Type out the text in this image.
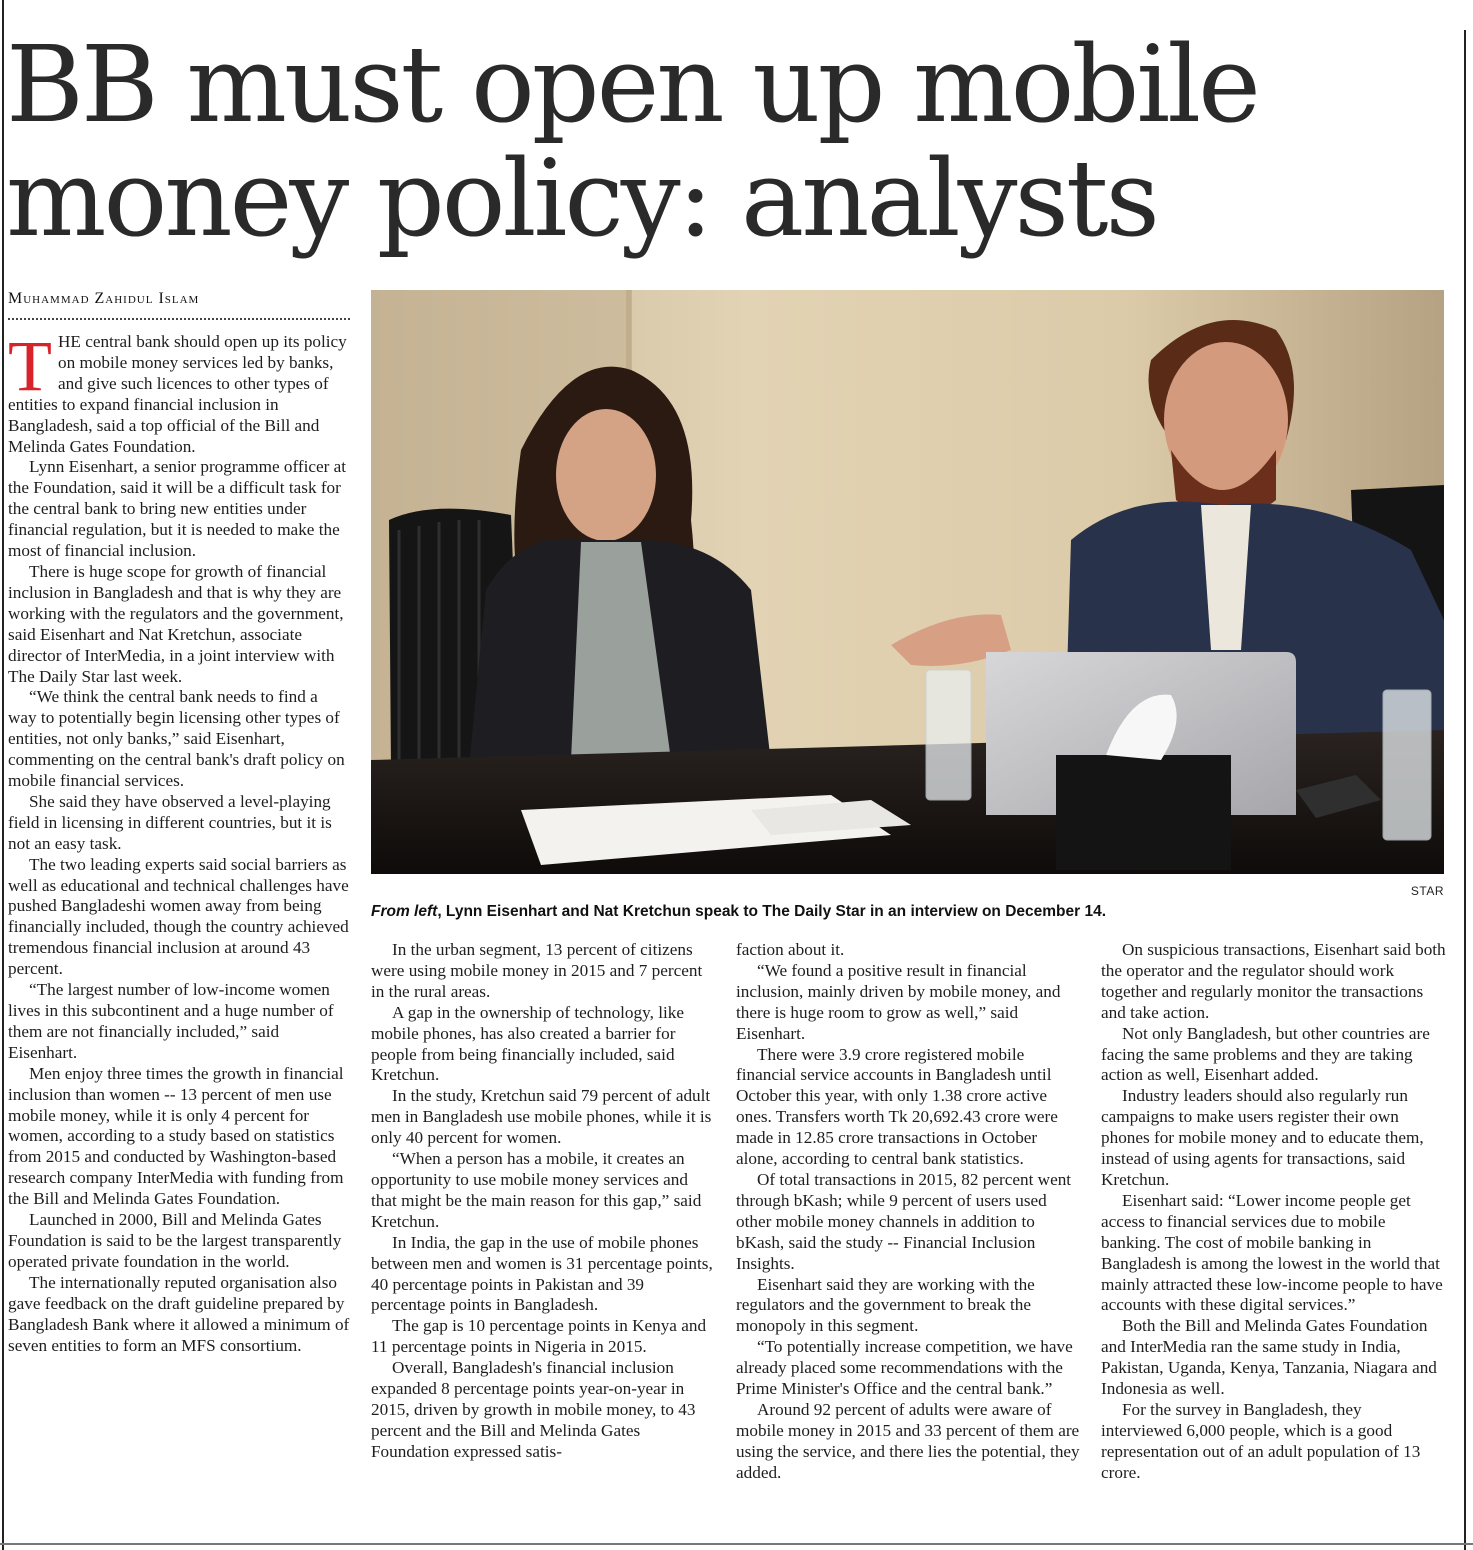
BB must open up mobile money policy: analysts
Muhammad Zahidul Islam

THE central bank should open up its policy on mobile money services led by banks, and give such licences to other types of entities to expand financial inclusion in Bangladesh, said a top official of the Bill and Melinda Gates Foundation.

Lynn Eisenhart, a senior programme officer at the Foundation, said it will be a difficult task for the central bank to bring new entities under financial regulation, but it is needed to make the most of financial inclusion.

There is huge scope for growth of financial inclusion in Bangladesh and that is why they are working with the regulators and the government, said Eisenhart and Nat Kretchun, associate director of InterMedia, in a joint interview with The Daily Star last week.

“We think the central bank needs to find a way to potentially begin licensing other types of entities, not only banks,” said Eisenhart, commenting on the central bank's draft policy on mobile financial services.

She said they have observed a level-playing field in licensing in different countries, but it is not an easy task.

The two leading experts said social barriers as well as educational and technical challenges have pushed Bangladeshi women away from being financially included, though the country achieved tremendous financial inclusion at around 43 percent.

“The largest number of low-income women lives in this subcontinent and a huge number of them are not financially included,” said Eisenhart.

Men enjoy three times the growth in financial inclusion than women -- 13 percent of men use mobile money, while it is only 4 percent for women, according to a study based on statistics from 2015 and conducted by Washington-based research company InterMedia with funding from the Bill and Melinda Gates Foundation.

Launched in 2000, Bill and Melinda Gates Foundation is said to be the largest transparently operated private foundation in the world.

The internationally reputed organisation also gave feedback on the draft guideline prepared by Bangladesh Bank where it allowed a minimum of seven entities to form an MFS consortium.

STAR
From left, Lynn Eisenhart and Nat Kretchun speak to The Daily Star in an interview on December 14.

In the urban segment, 13 percent of citizens were using mobile money in 2015 and 7 percent in the rural areas.

A gap in the ownership of technology, like mobile phones, has also created a barrier for people from being financially included, said Kretchun.

In the study, Kretchun said 79 percent of adult men in Bangladesh use mobile phones, while it is only 40 percent for women.

“When a person has a mobile, it creates an opportunity to use mobile money services and that might be the main reason for this gap,” said Kretchun.

In India, the gap in the use of mobile phones between men and women is 31 percentage points, 40 percentage points in Pakistan and 39 percentage points in Bangladesh.

The gap is 10 percentage points in Kenya and 11 percentage points in Nigeria in 2015.

Overall, Bangladesh's financial inclusion expanded 8 percentage points year-on-year in 2015, driven by growth in mobile money, to 43 percent and the Bill and Melinda Gates Foundation expressed satis-

faction about it.

“We found a positive result in financial inclusion, mainly driven by mobile money, and there is huge room to grow as well,” said Eisenhart.

There were 3.9 crore registered mobile financial service accounts in Bangladesh until October this year, with only 1.38 crore active ones. Transfers worth Tk 20,692.43 crore were made in 12.85 crore transactions in October alone, according to central bank statistics.

Of total transactions in 2015, 82 percent went through bKash; while 9 percent of users used other mobile money channels in addition to bKash, said the study -- Financial Inclusion Insights.

Eisenhart said they are working with the regulators and the government to break the monopoly in this segment.

“To potentially increase competition, we have already placed some recommendations with the Prime Minister's Office and the central bank.”

Around 92 percent of adults were aware of mobile money in 2015 and 33 percent of them are using the service, and there lies the potential, they added.

On suspicious transactions, Eisenhart said both the operator and the regulator should work together and regularly monitor the transactions and take action.

Not only Bangladesh, but other countries are facing the same problems and they are taking action as well, Eisenhart added.

Industry leaders should also regularly run campaigns to make users register their own phones for mobile money and to educate them, instead of using agents for transactions, said Kretchun.

Eisenhart said: “Lower income people get access to financial services due to mobile banking. The cost of mobile banking in Bangladesh is among the lowest in the world that mainly attracted these low-income people to have accounts with these digital services.”

Both the Bill and Melinda Gates Foundation and InterMedia ran the same study in India, Pakistan, Uganda, Kenya, Tanzania, Niagara and Indonesia as well.

For the survey in Bangladesh, they interviewed 6,000 people, which is a good representation out of an adult population of 13 crore.
